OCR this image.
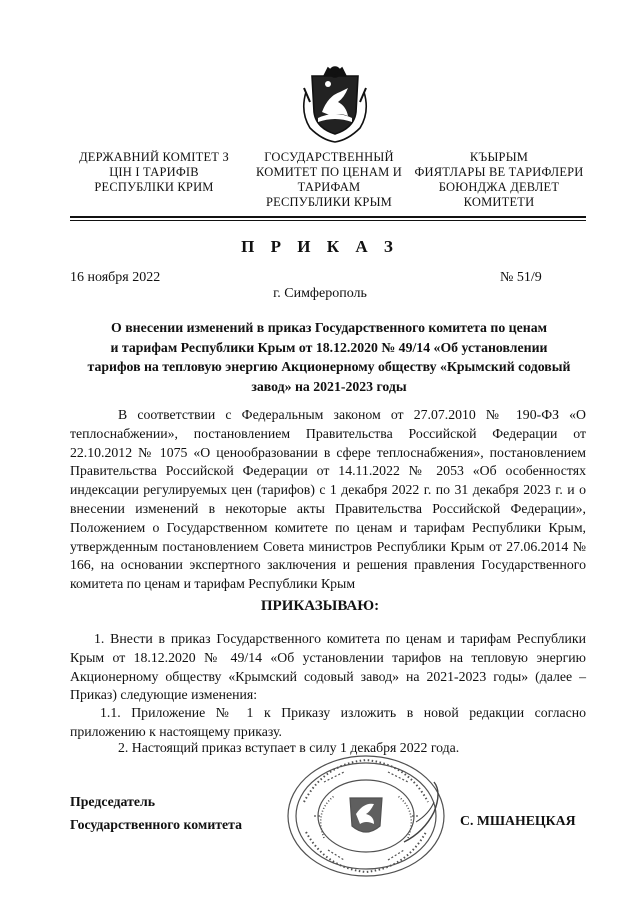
ДЕРЖАВНИЙ КОМІТЕТ З
ЦІН І ТАРИФІВ
РЕСПУБЛІКИ КРИМ
ГОСУДАРСТВЕННЫЙ
КОМИТЕТ ПО ЦЕНАМ И
ТАРИФАМ
РЕСПУБЛИКИ КРЫМ
КЪЫРЫМ
ФИЯТЛАРЫ ВЕ ТАРИФЛЕРИ
БОЮНДЖА ДЕВЛЕТ
КОМИТЕТИ
П Р И К А З
16 ноября 2022	№ 51/9
г. Симферополь
О внесении изменений в приказ Государственного комитета по ценам
и тарифам Республики Крым от 18.12.2020 № 49/14 «Об установлении
тарифов на тепловую энергию Акционерному обществу «Крымский содовый
завод» на 2021-2023 годы
В соответствии с Федеральным законом от 27.07.2010 № 190-ФЗ «О теплоснабжении», постановлением Правительства Российской Федерации от 22.10.2012 № 1075 «О ценообразовании в сфере теплоснабжения», постановлением Правительства Российской Федерации от 14.11.2022 № 2053 «Об особенностях индексации регулируемых цен (тарифов) с 1 декабря 2022 г. по 31 декабря 2023 г. и о внесении изменений в некоторые акты Правительства Российской Федерации», Положением о Государственном комитете по ценам и тарифам Республики Крым, утвержденным постановлением Совета министров Республики Крым от 27.06.2014 № 166, на основании экспертного заключения и решения правления Государственного комитета по ценам и тарифам Республики Крым
ПРИКАЗЫВАЮ:
1. Внести в приказ Государственного комитета по ценам и тарифам Республики Крым от 18.12.2020 № 49/14 «Об установлении тарифов на тепловую энергию Акционерному обществу «Крымский содовый завод» на 2021-2023 годы» (далее – Приказ) следующие изменения:
1.1. Приложение № 1 к Приказу изложить в новой редакции согласно приложению к настоящему приказу.
2. Настоящий приказ вступает в силу 1 декабря 2022 года.
Председатель
Государственного комитета	С. МШАНЕЦКАЯ
